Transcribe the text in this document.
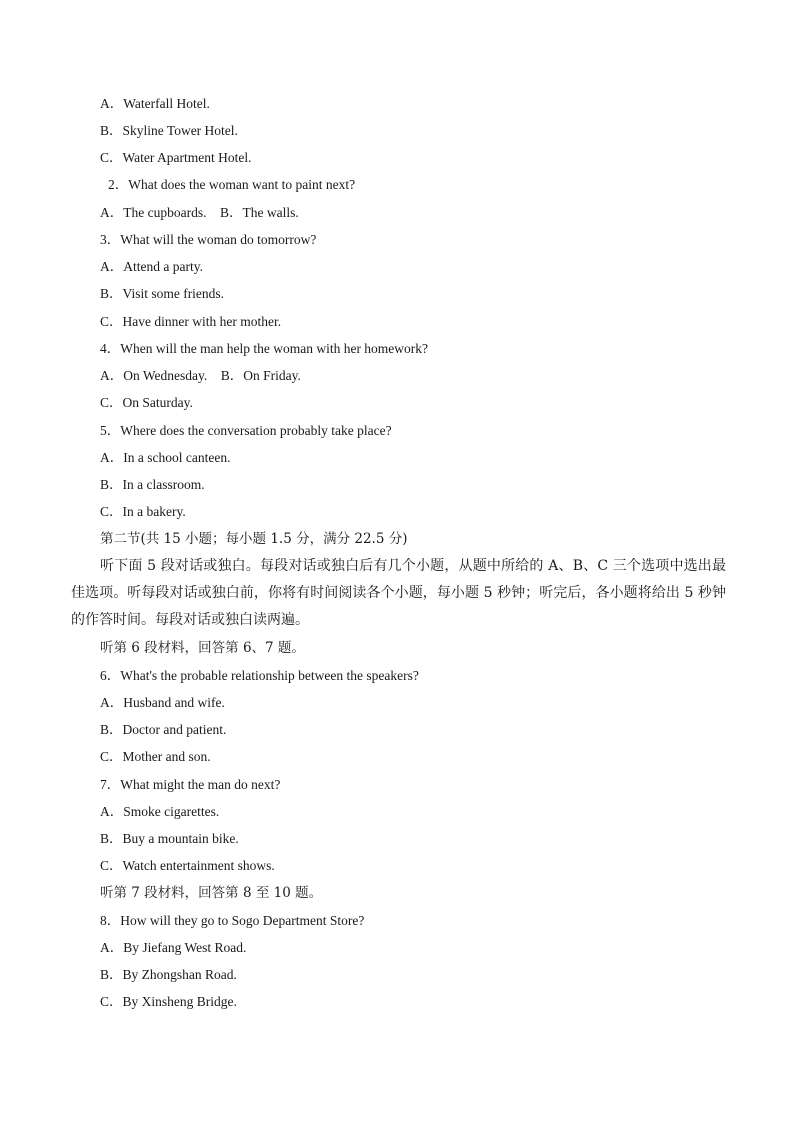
A．Waterfall Hotel.
B．Skyline Tower Hotel.
C．Water Apartment Hotel.
2．What does the woman want to paint next?
A．The cupboards.　B．The walls.
3．What will the woman do tomorrow?
A．Attend a party.
B．Visit some friends.
C．Have dinner with her mother.
4．When will the man help the woman with her homework?
A．On Wednesday.　B．On Friday.
C．On Saturday.
5．Where does the conversation probably take place?
A．In a school canteen.
B．In a classroom.
C．In a bakery.
第二节(共 15 小题；每小题 1.5 分，满分 22.5 分)
听下面 5 段对话或独白。每段对话或独白后有几个小题，从题中所给的 A、B、C 三个选项中选出最佳选项。听每段对话或独白前，你将有时间阅读各个小题，每小题 5 秒钟；听完后，各小题将给出 5 秒钟的作答时间。每段对话或独白读两遍。
听第 6 段材料，回答第 6、7 题。
6．What's the probable relationship between the speakers?
A．Husband and wife.
B．Doctor and patient.
C．Mother and son.
7．What might the man do next?
A．Smoke cigarettes.
B．Buy a mountain bike.
C．Watch entertainment shows.
听第 7 段材料，回答第 8 至 10 题。
8．How will they go to Sogo Department Store?
A．By Jiefang West Road.
B．By Zhongshan Road.
C．By Xinsheng Bridge.
